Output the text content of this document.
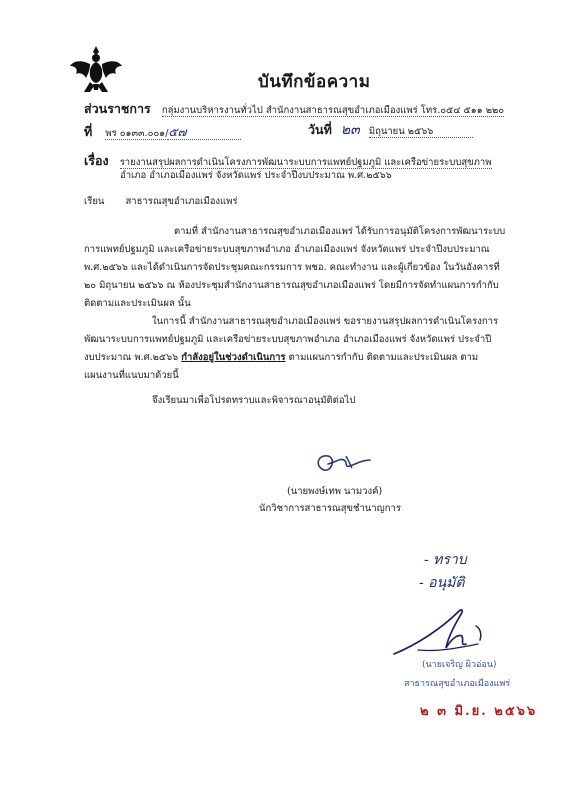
บันทึกข้อความ
ส่วนราชการ กลุ่มงานบริหารงานทั่วไป สำนักงานสาธารณสุขอำเภอเมืองแพร่ โทร.๐๕๔ ๕๑๑ ๒๒๐
ที่ พร ๐๑๓๓.๐๐๑/๕๗	วันที่ ๒๓ มิถุนายน ๒๕๖๖
เรื่อง รายงานสรุปผลการดำเนินโครงการพัฒนาระบบการแพทย์ปฐมภูมิ และเครือข่ายระบบสุขภาพ
อำเภอ อำเภอเมืองแพร่ จังหวัดแพร่ ประจำปีงบประมาณ พ.ศ.๒๕๖๖
เรียน สาธารณสุขอำเภอเมืองแพร่
ตามที่ สำนักงานสาธารณสุขอำเภอเมืองแพร่ ได้รับการอนุมัติโครงการพัฒนาระบบ
การแพทย์ปฐมภูมิ และเครือข่ายระบบสุขภาพอำเภอ อำเภอเมืองแพร่ จังหวัดแพร่ ประจำปีงบประมาณ
พ.ศ.๒๕๖๖ และได้ดำเนินการจัดประชุมคณะกรรมการ พชอ. คณะทำงาน และผู้เกี่ยวข้อง ในวันอังคารที่
๒๐ มิถุนายน ๒๕๖๖ ณ ห้องประชุมสำนักงานสาธารณสุขอำเภอเมืองแพร่ โดยมีการจัดทำแผนการกำกับ
ติดตามและประเมินผล นั้น
ในการนี้ สำนักงานสาธารณสุขอำเภอเมืองแพร่ ขอรายงานสรุปผลการดำเนินโครงการ
พัฒนาระบบการแพทย์ปฐมภูมิ และเครือข่ายระบบสุขภาพอำเภอ อำเภอเมืองแพร่ จังหวัดแพร่ ประจำปี
งบประมาณ พ.ศ.๒๕๖๖ กำลังอยู่ในช่วงดำเนินการ ตามแผนการกำกับ ติดตามและประเมินผล ตาม
แผนงานที่แนบมาด้วยนี้
จึงเรียนมาเพื่อโปรดทราบและพิจารณาอนุมัติต่อไป
(นายพงษ์เทพ นามวงค์)
นักวิชาการสาธารณสุขชำนาญการ
- ทราบ
- อนุมัติ
(นายเจริญ ผิวอ่อน)
สาธารณสุขอำเภอเมืองแพร่
๒ ๓ มิ.ย. ๒๕๖๖
